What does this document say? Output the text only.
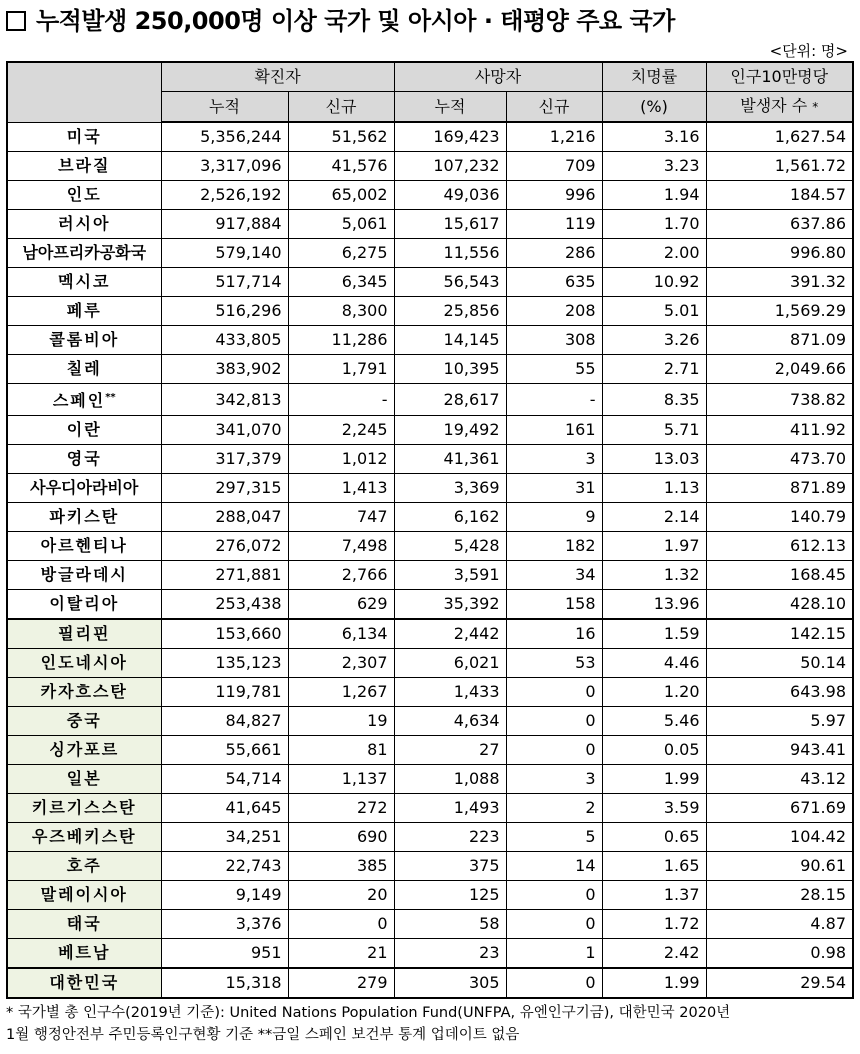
누적발생 250,000명 이상 국가 및 아시아 · 태평양 주요 국가
<단위: 명>
	확진자		사망자		치명률	인구10만명당
	누적	신규	누적	신규	(%)	발생자 수 *
미국	5,356,244	51,562	169,423	1,216	3.16	1,627.54
브라질	3,317,096	41,576	107,232	709	3.23	1,561.72
인도	2,526,192	65,002	49,036	996	1.94	184.57
러시아	917,884	5,061	15,617	119	1.70	637.86
남아프리카공화국	579,140	6,275	11,556	286	2.00	996.80
멕시코	517,714	6,345	56,543	635	10.92	391.32
페루	516,296	8,300	25,856	208	5.01	1,569.29
콜롬비아	433,805	11,286	14,145	308	3.26	871.09
칠레	383,902	1,791	10,395	55	2.71	2,049.66
스페인**	342,813	-	28,617	-	8.35	738.82
이란	341,070	2,245	19,492	161	5.71	411.92
영국	317,379	1,012	41,361	3	13.03	473.70
사우디아라비아	297,315	1,413	3,369	31	1.13	871.89
파키스탄	288,047	747	6,162	9	2.14	140.79
아르헨티나	276,072	7,498	5,428	182	1.97	612.13
방글라데시	271,881	2,766	3,591	34	1.32	168.45
이탈리아	253,438	629	35,392	158	13.96	428.10
필리핀	153,660	6,134	2,442	16	1.59	142.15
인도네시아	135,123	2,307	6,021	53	4.46	50.14
카자흐스탄	119,781	1,267	1,433	0	1.20	643.98
중국	84,827	19	4,634	0	5.46	5.97
싱가포르	55,661	81	27	0	0.05	943.41
일본	54,714	1,137	1,088	3	1.99	43.12
키르기스스탄	41,645	272	1,493	2	3.59	671.69
우즈베키스탄	34,251	690	223	5	0.65	104.42
호주	22,743	385	375	14	1.65	90.61
말레이시아	9,149	20	125	0	1.37	28.15
태국	3,376	0	58	0	1.72	4.87
베트남	951	21	23	1	2.42	0.98
대한민국	15,318	279	305	0	1.99	29.54
* 국가별 총 인구수(2019년 기준): United Nations Population Fund(UNFPA, 유엔인구기금), 대한민국 2020년
1월 행정안전부 주민등록인구현황 기준 **금일 스페인 보건부 통계 업데이트 없음
